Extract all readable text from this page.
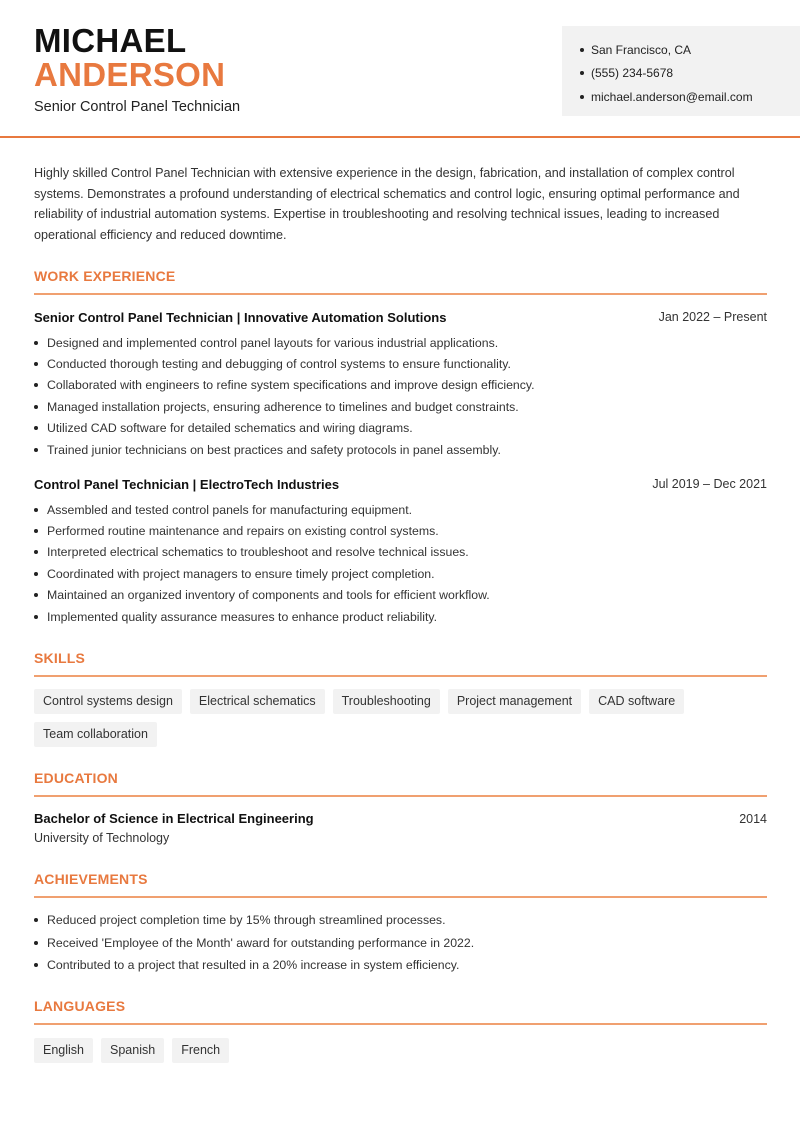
MICHAEL
ANDERSON
Senior Control Panel Technician
San Francisco, CA
(555) 234-5678
michael.anderson@email.com
Highly skilled Control Panel Technician with extensive experience in the design, fabrication, and installation of complex control systems. Demonstrates a profound understanding of electrical schematics and control logic, ensuring optimal performance and reliability of industrial automation systems. Expertise in troubleshooting and resolving technical issues, leading to increased operational efficiency and reduced downtime.
WORK EXPERIENCE
Senior Control Panel Technician | Innovative Automation Solutions	Jan 2022 – Present
Designed and implemented control panel layouts for various industrial applications.
Conducted thorough testing and debugging of control systems to ensure functionality.
Collaborated with engineers to refine system specifications and improve design efficiency.
Managed installation projects, ensuring adherence to timelines and budget constraints.
Utilized CAD software for detailed schematics and wiring diagrams.
Trained junior technicians on best practices and safety protocols in panel assembly.
Control Panel Technician | ElectroTech Industries	Jul 2019 – Dec 2021
Assembled and tested control panels for manufacturing equipment.
Performed routine maintenance and repairs on existing control systems.
Interpreted electrical schematics to troubleshoot and resolve technical issues.
Coordinated with project managers to ensure timely project completion.
Maintained an organized inventory of components and tools for efficient workflow.
Implemented quality assurance measures to enhance product reliability.
SKILLS
Control systems design	Electrical schematics	Troubleshooting	Project management	CAD software
Team collaboration
EDUCATION
Bachelor of Science in Electrical Engineering	2014
University of Technology
ACHIEVEMENTS
Reduced project completion time by 15% through streamlined processes.
Received 'Employee of the Month' award for outstanding performance in 2022.
Contributed to a project that resulted in a 20% increase in system efficiency.
LANGUAGES
English	Spanish	French
